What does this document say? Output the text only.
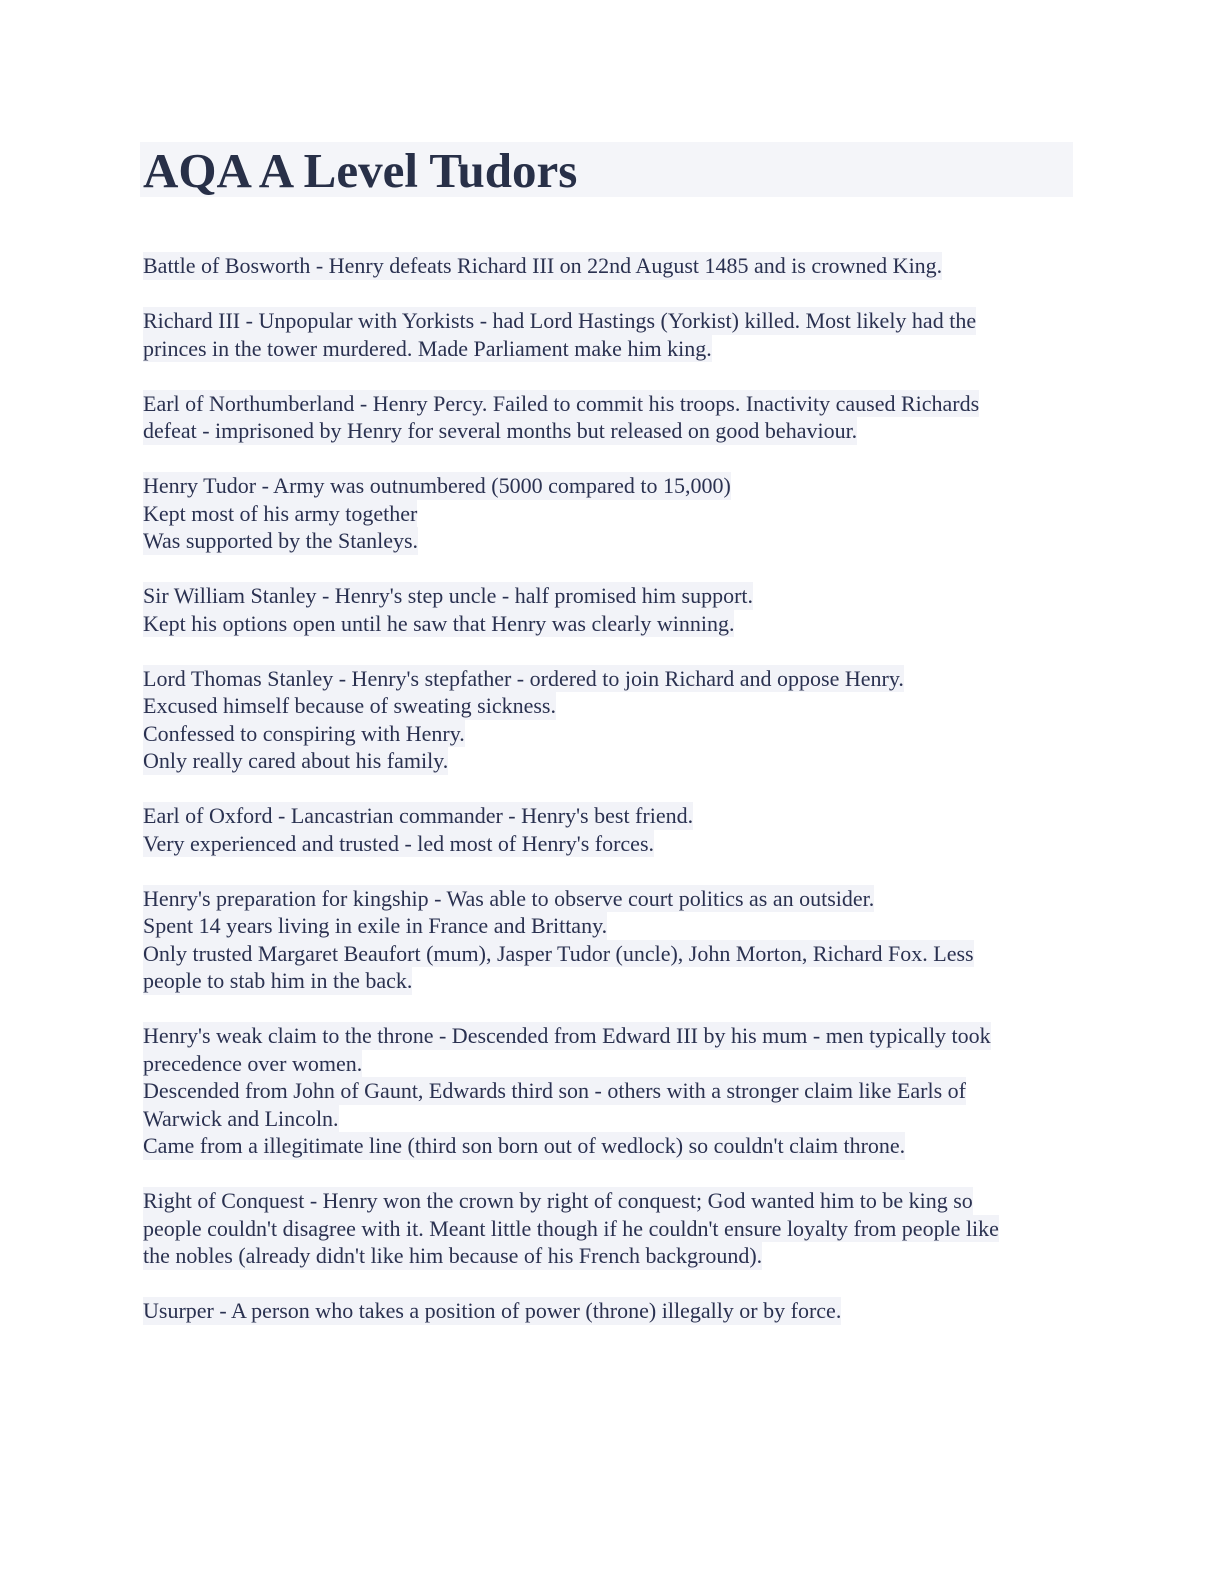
AQA A Level Tudors

Battle of Bosworth - Henry defeats Richard III on 22nd August 1485 and is crowned King.

Richard III - Unpopular with Yorkists - had Lord Hastings (Yorkist) killed. Most likely had the
princes in the tower murdered. Made Parliament make him king.

Earl of Northumberland - Henry Percy. Failed to commit his troops. Inactivity caused Richards
defeat - imprisoned by Henry for several months but released on good behaviour.

Henry Tudor - Army was outnumbered (5000 compared to 15,000)
Kept most of his army together
Was supported by the Stanleys.

Sir William Stanley - Henry's step uncle - half promised him support.
Kept his options open until he saw that Henry was clearly winning.

Lord Thomas Stanley - Henry's stepfather - ordered to join Richard and oppose Henry.
Excused himself because of sweating sickness.
Confessed to conspiring with Henry.
Only really cared about his family.

Earl of Oxford - Lancastrian commander - Henry's best friend.
Very experienced and trusted - led most of Henry's forces.

Henry's preparation for kingship - Was able to observe court politics as an outsider.
Spent 14 years living in exile in France and Brittany.
Only trusted Margaret Beaufort (mum), Jasper Tudor (uncle), John Morton, Richard Fox. Less
people to stab him in the back.

Henry's weak claim to the throne - Descended from Edward III by his mum - men typically took
precedence over women.
Descended from John of Gaunt, Edwards third son - others with a stronger claim like Earls of
Warwick and Lincoln.
Came from a illegitimate line (third son born out of wedlock) so couldn't claim throne.

Right of Conquest - Henry won the crown by right of conquest; God wanted him to be king so
people couldn't disagree with it. Meant little though if he couldn't ensure loyalty from people like
the nobles (already didn't like him because of his French background).

Usurper - A person who takes a position of power (throne) illegally or by force.
